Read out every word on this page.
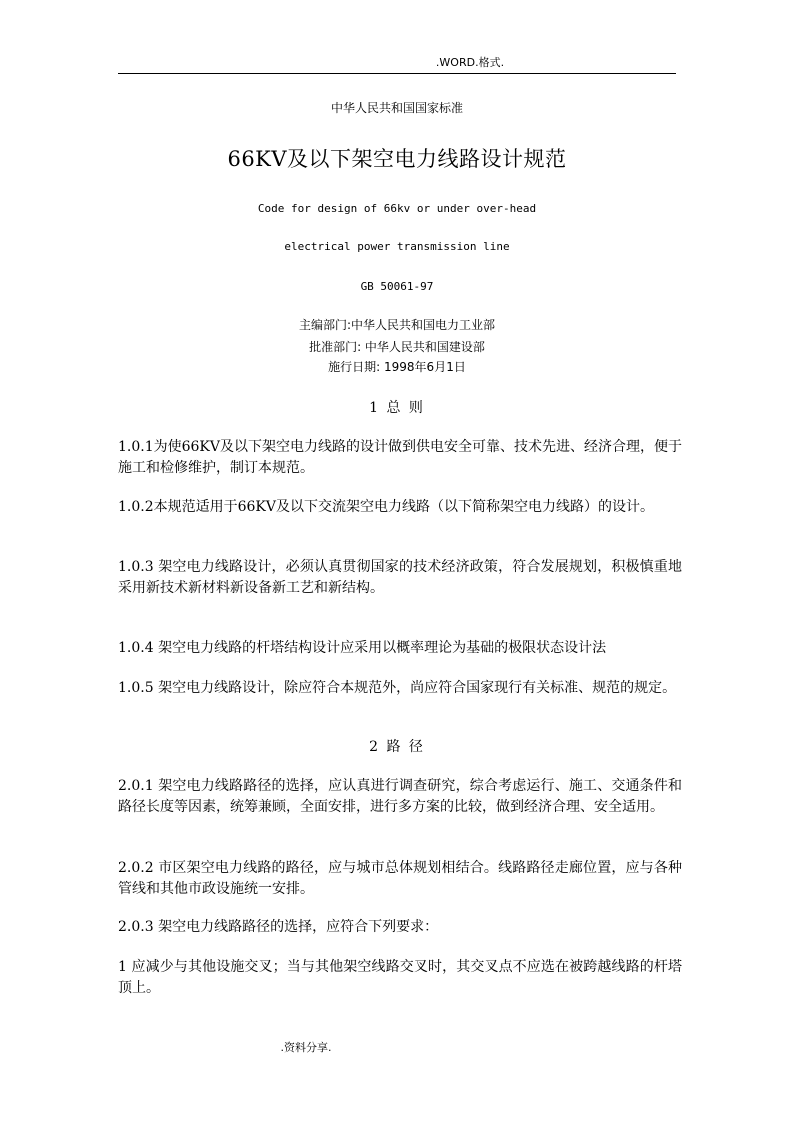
.WORD.格式.
中华人民共和国国家标准
66KV及以下架空电力线路设计规范
Code for design of 66kv or under over-head
electrical power transmission line
GB 50061-97
主编部门:中华人民共和国电力工业部
批准部门: 中华人民共和国建设部
施行日期: 1998年6月1日
1 总 则
1.0.1为使66KV及以下架空电力线路的设计做到供电安全可靠、技术先进、经济合理，便于施工和检修维护，制订本规范。
1.0.2本规范适用于66KV及以下交流架空电力线路（以下简称架空电力线路）的设计。
1.0.3 架空电力线路设计，必须认真贯彻国家的技术经济政策，符合发展规划，积极慎重地采用新技术新材料新设备新工艺和新结构。
1.0.4 架空电力线路的杆塔结构设计应采用以概率理论为基础的极限状态设计法
1.0.5 架空电力线路设计，除应符合本规范外，尚应符合国家现行有关标准、规范的规定。
2 路 径
2.0.1 架空电力线路路径的选择，应认真进行调查研究，综合考虑运行、施工、交通条件和路径长度等因素，统筹兼顾，全面安排，进行多方案的比较，做到经济合理、安全适用。
2.0.2 市区架空电力线路的路径，应与城市总体规划相结合。线路路径走廊位置，应与各种管线和其他市政设施统一安排。
2.0.3 架空电力线路路径的选择，应符合下列要求：
1 应减少与其他设施交叉；当与其他架空线路交叉时，其交叉点不应选在被跨越线路的杆塔顶上。
.资料分享.
